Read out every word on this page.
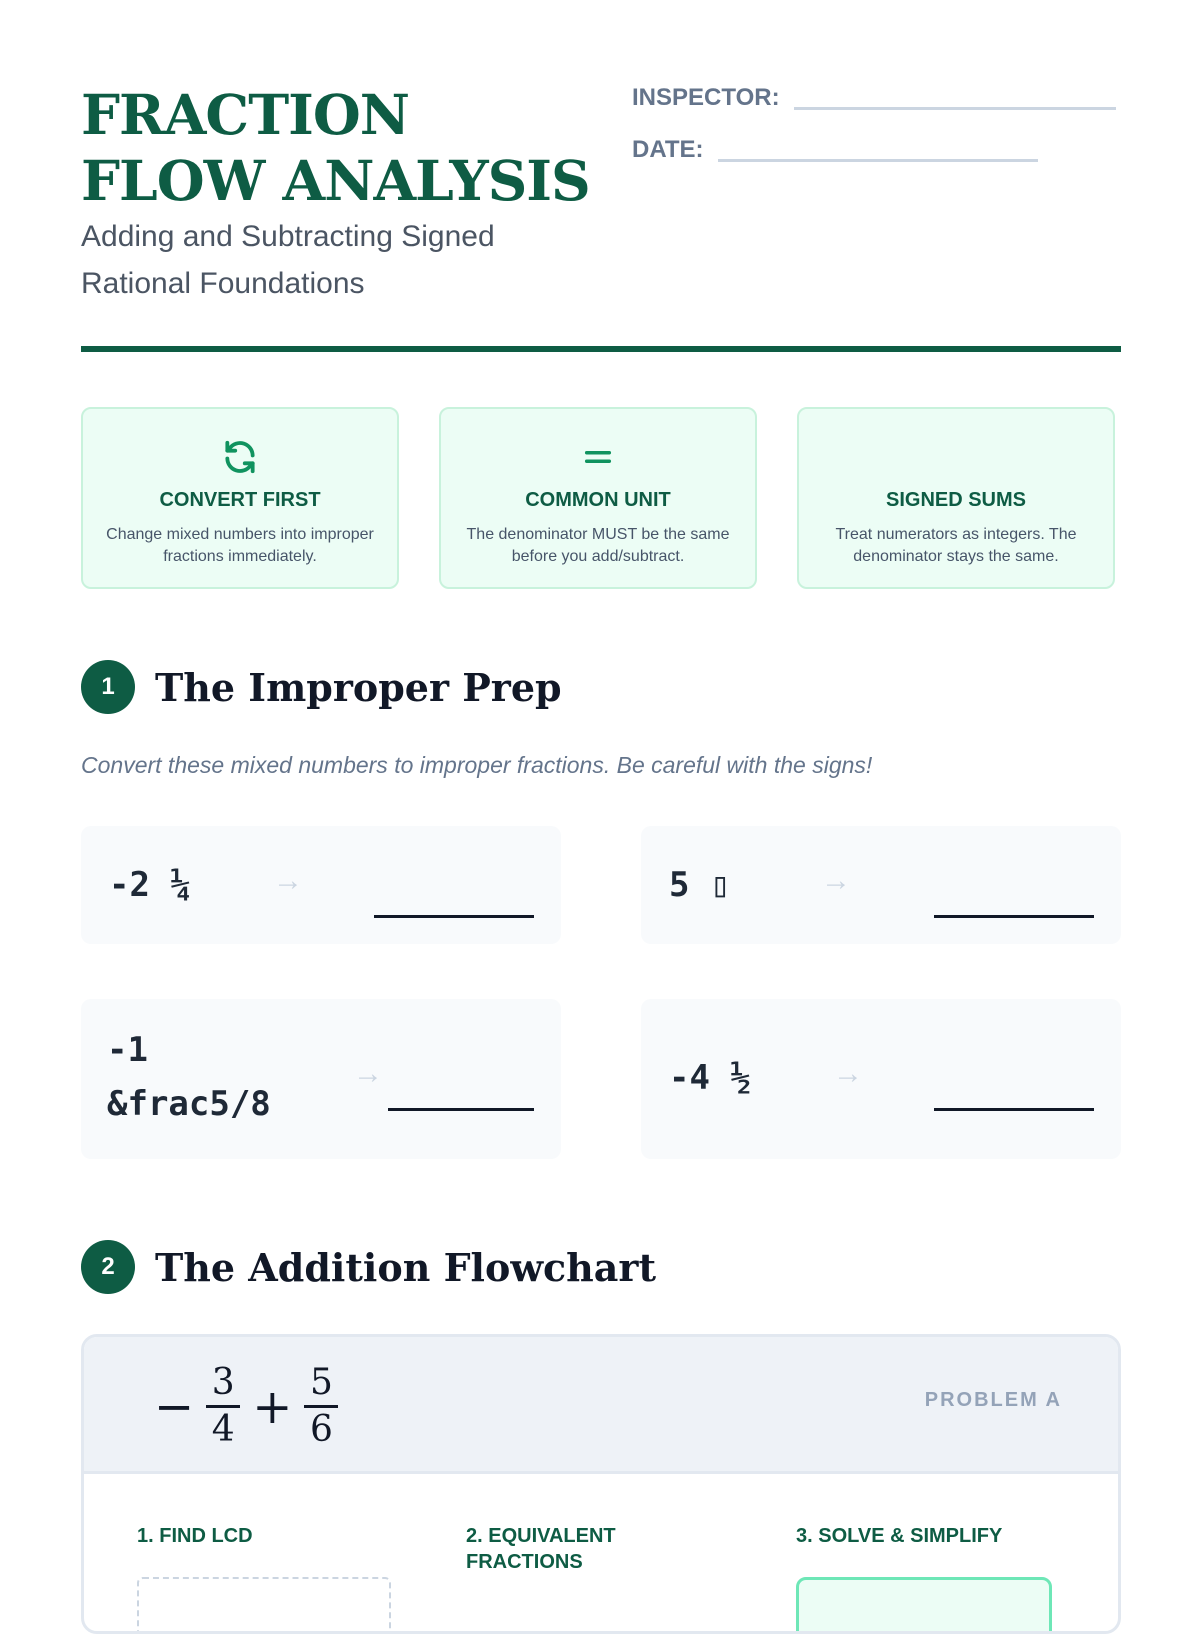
FRACTION FLOW ANALYSIS
Adding and Subtracting Signed Rational Foundations
INSPECTOR:
DATE:
CONVERT FIRST
Change mixed numbers into improper fractions immediately.
COMMON UNIT
The denominator MUST be the same before you add/subtract.
SIGNED SUMS
Treat numerators as integers. The denominator stays the same.
1	The Improper Prep
Convert these mixed numbers to improper fractions. Be careful with the signs!
-2 ¼	→	5 ▯	→
-1
&frac5/8
→	-4 ½	→
2	The Addition Flowchart
− $\frac{3}{4} + \frac{5}{6}$	PROBLEM A
1. FIND LCD	2. EQUIVALENT FRACTIONS
3. SOLVE & SIMPLIFY
